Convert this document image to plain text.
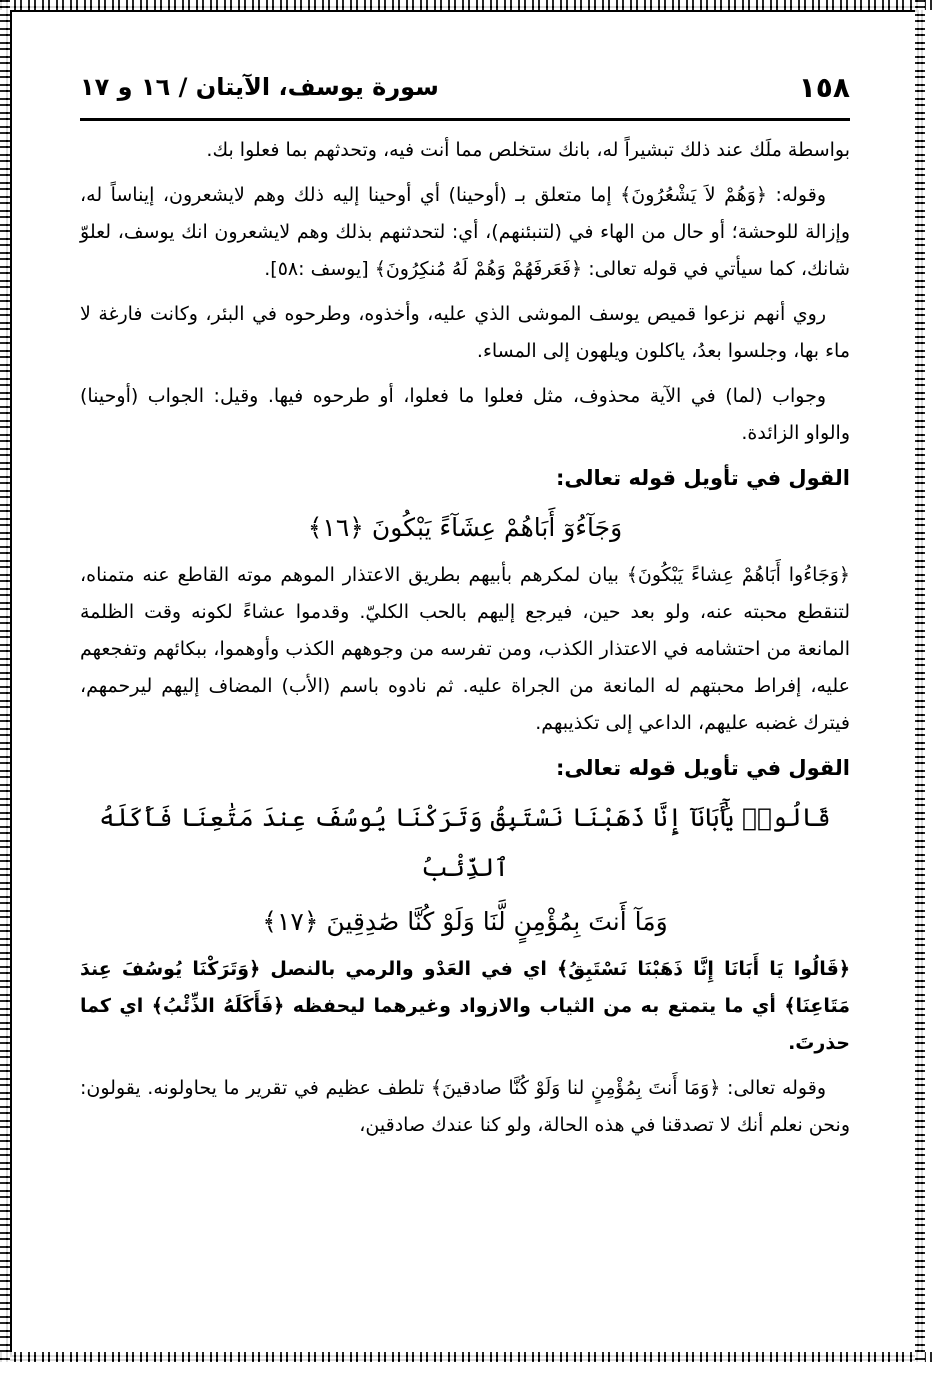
١٥٨
سورة يوسف، الآيتان / ١٦ و ١٧

بواسطة ملَك عند ذلك تبشيراً له، بانك ستخلص مما أنت فيه، وتحدثهم بما فعلوا بك.

وقوله: ﴿وَهُمْ لاَ يَشْعُرُونَ﴾ إما متعلق بـ (أوحينا) أي أوحينا إليه ذلك وهم لايشعرون، إيناساً له، وإزالة للوحشة؛ أو حال من الهاء في (لتنبئنهم)، أي: لتحدثنهم بذلك وهم لايشعرون انك يوسف، لعلوّ شانك، كما سيأتي في قوله تعالى: ﴿فَعَرفَهُمْ وَهُمْ لَهُ مُنكِرُونَ﴾ [يوسف :٥٨].

روي أنهم نزعوا قميص يوسف الموشى الذي عليه، وأخذوه، وطرحوه في البئر، وكانت فارغة لا ماء بها، وجلسوا بعدُ، ياكلون ويلهون إلى المساء.

وجواب (لما) في الآية محذوف، مثل فعلوا ما فعلوا، أو طرحوه فيها. وقيل: الجواب (أوحينا) والواو الزائدة.

القول في تأويل قوله تعالى:
وَجَآءُوٓ أَبَاهُمْ عِشَآءً يَبْكُونَ ﴿١٦﴾

﴿وَجَاءُوا أَبَاهُمْ عِشاءً يَبْكُونَ﴾ بيان لمكرهم بأبيهم بطريق الاعتذار الموهم موته القاطع عنه متمناه، لتنقطع محبته عنه، ولو بعد حين، فيرجع إليهم بالحب الكليّ. وقدموا عشاءً لكونه وقت الظلمة المانعة من احتشامه في الاعتذار الكذب، ومن تفرسه من وجوههم الكذب وأوهموا، ببكائهم وتفجعهم عليه، إفراط محبتهم له المانعة من الجراة عليه. ثم نادوه باسم (الأب) المضاف إليهم ليرحمهم، فيترك غضبه عليهم، الداعي إلى تكذيبهم.

القول في تأويل قوله تعالى:
قَالُوا۟ يَٰٓأَبَانَآ إِنَّا ذَهَبْنَا نَسْتَبِقُ وَتَرَكْنَا يُوسُفَ عِندَ مَتَٰعِنَا فَأَكَلَهُ ٱلذِّئْبُ
وَمَآ أَنتَ بِمُؤْمِنٍ لَّنَا وَلَوْ كُنَّا صَٰدِقِينَ ﴿١٧﴾

﴿قَالُوا يَا أَبَانَا إِنَّا ذَهَبْنَا نَسْتَبِقُ﴾ اي في العَدْو والرمي بالنصل ﴿وَتَرَكْنَا يُوسُفَ عِندَ مَتَاعِنَا﴾ أي ما يتمتع به من الثياب والازواد وغيرهما ليحفظه ﴿فَأَكَلَهُ الذِّئْبُ﴾ اي كما حذرتَ.

وقوله تعالى: ﴿وَمَا أَنتَ بِمُؤْمِنٍ لنا وَلَوْ كُنَّا صادقينَ﴾ تلطف عظيم في تقرير ما يحاولونه. يقولون: ونحن نعلم أنك لا تصدقنا في هذه الحالة، ولو كنا عندك صادقين،
